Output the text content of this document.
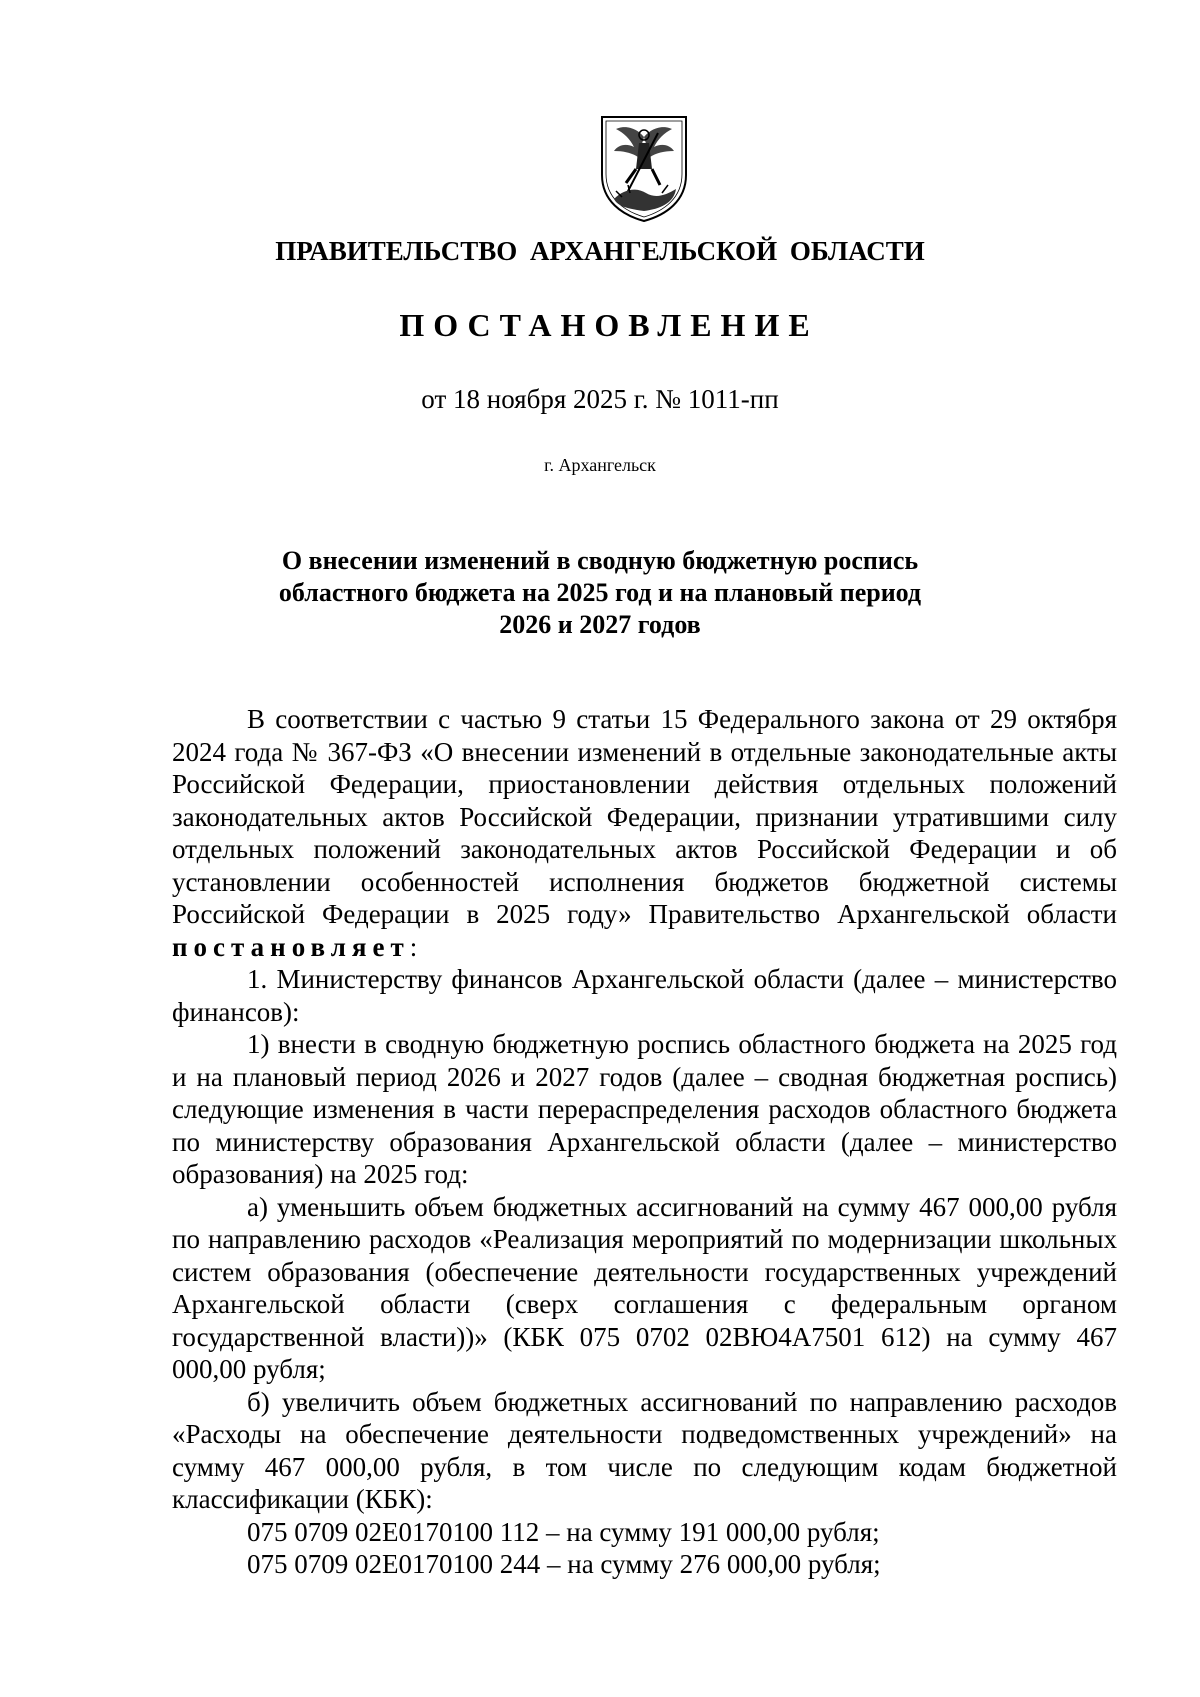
ПРАВИТЕЛЬСТВО АРХАНГЕЛЬСКОЙ ОБЛАСТИ
ПОСТАНОВЛЕНИЕ
от 18 ноября 2025 г. № 1011-пп
г. Архангельск
О внесении изменений в сводную бюджетную роспись
областного бюджета на 2025 год и на плановый период
2026 и 2027 годов

В соответствии с частью 9 статьи 15 Федерального закона от 29 октября 2024 года № 367-ФЗ «О внесении изменений в отдельные законодательные акты Российской Федерации, приостановлении действия отдельных положений законодательных актов Российской Федерации, признании утратившими силу отдельных положений законодательных актов Российской Федерации и об установлении особенностей исполнения бюджетов бюджетной системы Российской Федерации в 2025 году» Правительство Архангельской области постановляет:

1. Министерству финансов Архангельской области (далее – министерство финансов):

1) внести в сводную бюджетную роспись областного бюджета на 2025 год и на плановый период 2026 и 2027 годов (далее – сводная бюджетная роспись) следующие изменения в части перераспределения расходов областного бюджета по министерству образования Архангельской области (далее – министерство образования) на 2025 год:

а) уменьшить объем бюджетных ассигнований на сумму 467 000,00 рубля по направлению расходов «Реализация мероприятий по модернизации школьных систем образования (обеспечение деятельности государственных учреждений Архангельской области (сверх соглашения с федеральным органом государственной власти))» (КБК 075 0702 02ВЮ4А7501 612) на сумму 467 000,00 рубля;

б) увеличить объем бюджетных ассигнований по направлению расходов «Расходы на обеспечение деятельности подведомственных учреждений» на сумму 467 000,00 рубля, в том числе по следующим кодам бюджетной классификации (КБК):

075 0709 02Е0170100 112 – на сумму 191 000,00 рубля;

075 0709 02Е0170100 244 – на сумму 276 000,00 рубля;
